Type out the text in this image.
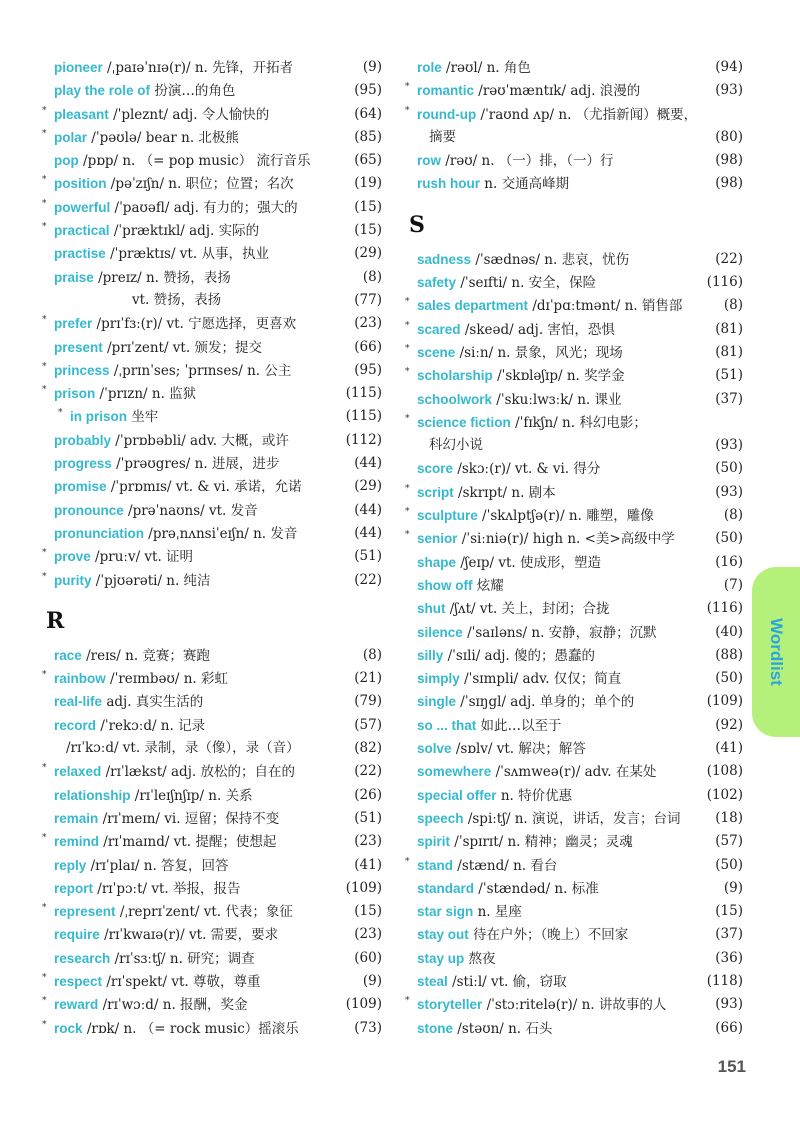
pioneer /ˌpaɪəˈnɪə(r)/ n. 先锋，开拓者	(9)
play the role of 扮演…的角色	(95)
* pleasant /ˈpleznt/ adj. 令人愉快的	(64)
* polar /ˈpəʊlə/ bear n. 北极熊	(85)
pop /pɒp/ n. （= pop music） 流行音乐	(65)
* position /pəˈzɪʃn/ n. 职位；位置；名次	(19)
* powerful /ˈpaʊəfl/ adj. 有力的；强大的	(15)
* practical /ˈpræktɪkl/ adj. 实际的	(15)
practise /ˈpræktɪs/ vt. 从事，执业	(29)
praise /preɪz/ n. 赞扬，表扬	(8)
vt. 赞扬，表扬	(77)
* prefer /prɪˈfɜː(r)/ vt. 宁愿选择，更喜欢	(23)
present /prɪˈzent/ vt. 颁发；提交	(66)
* princess /ˌprɪnˈses; ˈprɪnses/ n. 公主	(95)
* prison /ˈprɪzn/ n. 监狱	(115)
* in prison 坐牢	(115)
probably /ˈprɒbəbli/ adv. 大概，或许	(112)
progress /ˈprəʊgres/ n. 进展，进步	(44)
promise /ˈprɒmɪs/ vt. & vi. 承诺，允诺	(29)
pronounce /prəˈnaʊns/ vt. 发音	(44)
pronunciation /prəˌnʌnsiˈeɪʃn/ n. 发音	(44)
* prove /pruːv/ vt. 证明	(51)
* purity /ˈpjʊərəti/ n. 纯洁	(22)
R
race /reɪs/ n. 竞赛；赛跑	(8)
* rainbow /ˈreɪmbəʊ/ n. 彩虹	(21)
real-life adj. 真实生活的	(79)
record /ˈrekɔːd/ n. 记录	(57)
/rɪˈkɔːd/ vt. 录制，录（像），录（音）	(82)
* relaxed /rɪˈlækst/ adj. 放松的；自在的	(22)
relationship /rɪˈleɪʃnʃɪp/ n. 关系	(26)
remain /rɪˈmeɪn/ vi. 逗留；保持不变	(51)
* remind /rɪˈmaɪnd/ vt. 提醒；使想起	(23)
reply /rɪˈplaɪ/ n. 答复，回答	(41)
report /rɪˈpɔːt/ vt. 举报，报告	(109)
* represent /ˌreprɪˈzent/ vt. 代表；象征	(15)
require /rɪˈkwaɪə(r)/ vt. 需要，要求	(23)
research /rɪˈsɜːtʃ/ n. 研究；调查	(60)
* respect /rɪˈspekt/ vt. 尊敬，尊重	(9)
* reward /rɪˈwɔːd/ n. 报酬，奖金	(109)
* rock /rɒk/ n. （= rock music）摇滚乐	(73)
role /rəʊl/ n. 角色	(94)
* romantic /rəʊˈmæntɪk/ adj. 浪漫的	(93)
* round-up /ˈraʊnd ʌp/ n. （尤指新闻）概要，
摘要	(80)
row /rəʊ/ n. （一）排，（一）行	(98)
rush hour n. 交通高峰期	(98)
S
sadness /ˈsædnəs/ n. 悲哀，忧伤	(22)
safety /ˈseɪfti/ n. 安全，保险	(116)
* sales department /dɪˈpɑːtmənt/ n. 销售部	(8)
* scared /skeəd/ adj. 害怕，恐惧	(81)
* scene /siːn/ n. 景象，风光；现场	(81)
* scholarship /ˈskɒləʃɪp/ n. 奖学金	(51)
schoolwork /ˈskuːlwɜːk/ n. 课业	(37)
* science fiction /ˈfɪkʃn/ n. 科幻电影；
科幻小说	(93)
score /skɔː(r)/ vt. & vi. 得分	(50)
* script /skrɪpt/ n. 剧本	(93)
* sculpture /ˈskʌlptʃə(r)/ n. 雕塑，雕像	(8)
* senior /ˈsiːniə(r)/ high n. <美>高级中学	(50)
shape /ʃeɪp/ vt. 使成形，塑造	(16)
show off 炫耀	(7)
shut /ʃʌt/ vt. 关上，封闭；合拢	(116)
silence /ˈsaɪləns/ n. 安静，寂静；沉默	(40)
silly /ˈsɪli/ adj. 傻的；愚蠢的	(88)
simply /ˈsɪmpli/ adv. 仅仅；简直	(50)
single /ˈsɪŋgl/ adj. 单身的；单个的	(109)
so ... that 如此…以至于	(92)
solve /sɒlv/ vt. 解决；解答	(41)
somewhere /ˈsʌmweə(r)/ adv. 在某处	(108)
special offer n. 特价优惠	(102)
speech /spiːtʃ/ n. 演说，讲话，发言；台词	(18)
spirit /ˈspɪrɪt/ n. 精神；幽灵；灵魂	(57)
* stand /stænd/ n. 看台	(50)
standard /ˈstændəd/ n. 标准	(9)
star sign n. 星座	(15)
stay out 待在户外；（晚上）不回家	(37)
stay up 熬夜	(36)
steal /stiːl/ vt. 偷，窃取	(118)
* storyteller /ˈstɔːritelə(r)/ n. 讲故事的人	(93)
stone /stəʊn/ n. 石头	(66)
Wordlist
151
